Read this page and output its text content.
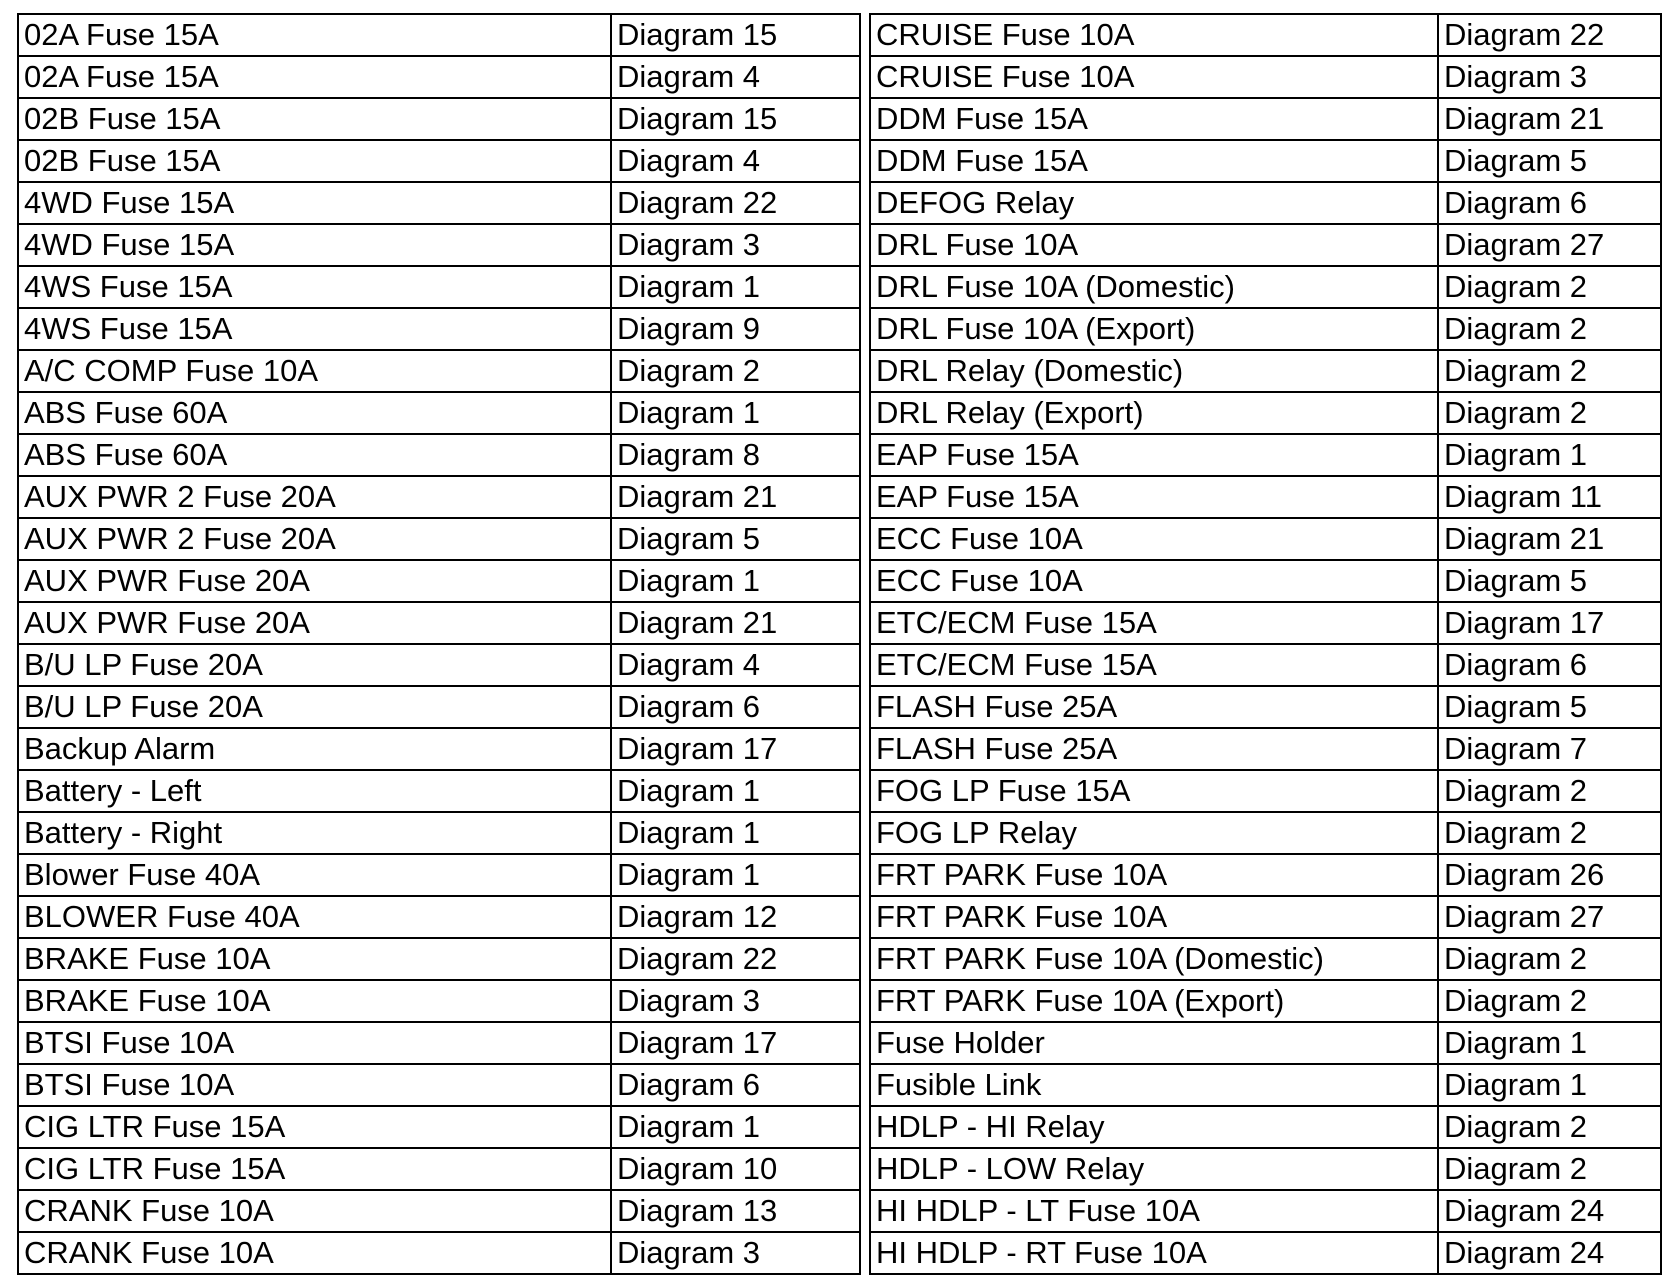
02A Fuse 15A	Diagram 15
02A Fuse 15A	Diagram 4
02B Fuse 15A	Diagram 15
02B Fuse 15A	Diagram 4
4WD Fuse 15A	Diagram 22
4WD Fuse 15A	Diagram 3
4WS Fuse 15A	Diagram 1
4WS Fuse 15A	Diagram 9
A/C COMP Fuse 10A	Diagram 2
ABS Fuse 60A	Diagram 1
ABS Fuse 60A	Diagram 8
AUX PWR 2 Fuse 20A	Diagram 21
AUX PWR 2 Fuse 20A	Diagram 5
AUX PWR Fuse 20A	Diagram 1
AUX PWR Fuse 20A	Diagram 21
B/U LP Fuse 20A	Diagram 4
B/U LP Fuse 20A	Diagram 6
Backup Alarm	Diagram 17
Battery - Left	Diagram 1
Battery - Right	Diagram 1
Blower Fuse 40A	Diagram 1
BLOWER Fuse 40A	Diagram 12
BRAKE Fuse 10A	Diagram 22
BRAKE Fuse 10A	Diagram 3
BTSI Fuse 10A	Diagram 17
BTSI Fuse 10A	Diagram 6
CIG LTR Fuse 15A	Diagram 1
CIG LTR Fuse 15A	Diagram 10
CRANK Fuse 10A	Diagram 13
CRANK Fuse 10A	Diagram 3
CRUISE Fuse 10A	Diagram 22
CRUISE Fuse 10A	Diagram 3
DDM Fuse 15A	Diagram 21
DDM Fuse 15A	Diagram 5
DEFOG Relay	Diagram 6
DRL Fuse 10A	Diagram 27
DRL Fuse 10A (Domestic)	Diagram 2
DRL Fuse 10A (Export)	Diagram 2
DRL Relay (Domestic)	Diagram 2
DRL Relay (Export)	Diagram 2
EAP Fuse 15A	Diagram 1
EAP Fuse 15A	Diagram 11
ECC Fuse 10A	Diagram 21
ECC Fuse 10A	Diagram 5
ETC/ECM Fuse 15A	Diagram 17
ETC/ECM Fuse 15A	Diagram 6
FLASH Fuse 25A	Diagram 5
FLASH Fuse 25A	Diagram 7
FOG LP Fuse 15A	Diagram 2
FOG LP Relay	Diagram 2
FRT PARK Fuse 10A	Diagram 26
FRT PARK Fuse 10A	Diagram 27
FRT PARK Fuse 10A (Domestic)	Diagram 2
FRT PARK Fuse 10A (Export)	Diagram 2
Fuse Holder	Diagram 1
Fusible Link	Diagram 1
HDLP - HI Relay	Diagram 2
HDLP - LOW Relay	Diagram 2
HI HDLP - LT Fuse 10A	Diagram 24
HI HDLP - RT Fuse 10A	Diagram 24
